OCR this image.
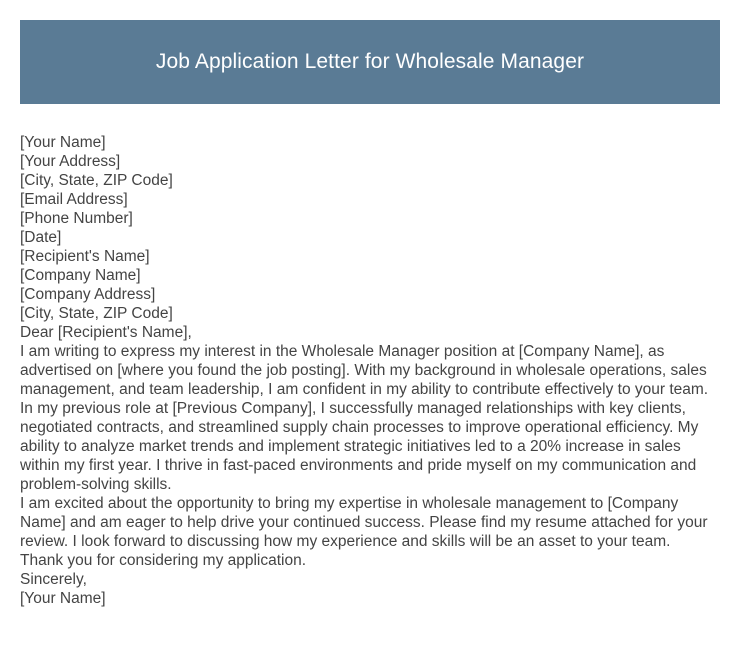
Job Application Letter for Wholesale Manager
[Your Name]
[Your Address]
[City, State, ZIP Code]
[Email Address]
[Phone Number]
[Date]
[Recipient's Name]
[Company Name]
[Company Address]
[City, State, ZIP Code]
Dear [Recipient's Name],
I am writing to express my interest in the Wholesale Manager position at [Company Name], as advertised on [where you found the job posting]. With my background in wholesale operations, sales management, and team leadership, I am confident in my ability to contribute effectively to your team.
In my previous role at [Previous Company], I successfully managed relationships with key clients, negotiated contracts, and streamlined supply chain processes to improve operational efficiency. My ability to analyze market trends and implement strategic initiatives led to a 20% increase in sales within my first year. I thrive in fast-paced environments and pride myself on my communication and problem-solving skills.
I am excited about the opportunity to bring my expertise in wholesale management to [Company Name] and am eager to help drive your continued success. Please find my resume attached for your review. I look forward to discussing how my experience and skills will be an asset to your team.
Thank you for considering my application.
Sincerely,
[Your Name]
